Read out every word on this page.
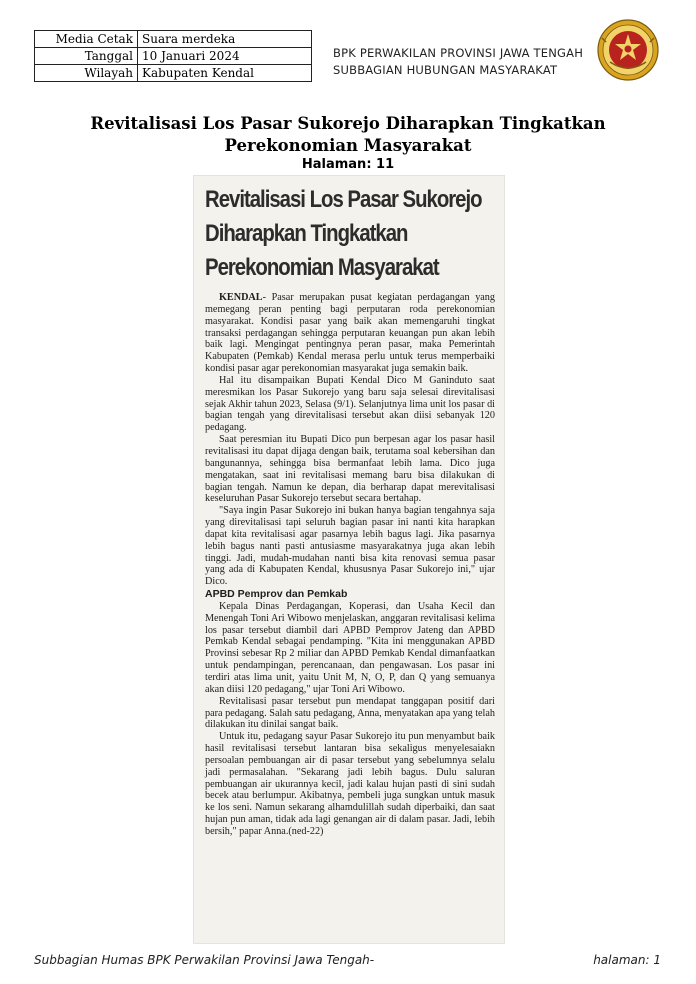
Media Cetak	Suara merdeka
Tanggal	10 Januari 2024
Wilayah	Kabupaten Kendal
BPK PERWAKILAN PROVINSI JAWA TENGAH
SUBBAGIAN HUBUNGAN MASYARAKAT
Revitalisasi Los Pasar Sukorejo Diharapkan Tingkatkan Perekonomian Masyarakat
Halaman: 11
Revitalisasi Los Pasar Sukorejo
Diharapkan Tingkatkan
Perekonomian Masyarakat

KENDAL- Pasar merupakan pusat kegiatan perdagangan yang memegang peran penting bagi perputaran roda perekonomian masyarakat. Kondisi pasar yang baik akan memengaruhi tingkat transaksi perdagangan sehingga perputaran keuangan pun akan lebih baik lagi. Mengingat pentingnya peran pasar, maka Pemerintah Kabupaten (Pemkab) Kendal merasa perlu untuk terus memperbaiki kondisi pasar agar perekonomian masyarakat juga semakin baik.

Hal itu disampaikan Bupati Kendal Dico M Ganinduto saat meresmikan los Pasar Sukorejo yang baru saja selesai direvitalisasi sejak Akhir tahun 2023, Selasa (9/1). Selanjutnya lima unit los pasar di bagian tengah yang direvitalisasi tersebut akan diisi sebanyak 120 pedagang.

Saat peresmian itu Bupati Dico pun berpesan agar los pasar hasil revitalisasi itu dapat dijaga dengan baik, terutama soal kebersihan dan bangunannya, sehingga bisa bermanfaat lebih lama. Dico juga mengatakan, saat ini revitalisasi memang baru bisa dilakukan di bagian tengah. Namun ke depan, dia berharap dapat merevitalisasi keseluruhan Pasar Sukorejo tersebut secara bertahap.

"Saya ingin Pasar Sukorejo ini bukan hanya bagian tengahnya saja yang direvitalisasi tapi seluruh bagian pasar ini nanti kita harapkan dapat kita revitalisasi agar pasarnya lebih bagus lagi. Jika pasarnya lebih bagus nanti pasti antusiasme masyarakatnya juga akan lebih tinggi. Jadi, mudah-mudahan nanti bisa kita renovasi semua pasar yang ada di Kabupaten Kendal, khususnya Pasar Sukorejo ini," ujar Dico.

APBD Pemprov dan Pemkab

Kepala Dinas Perdagangan, Koperasi, dan Usaha Kecil dan Menengah Toni Ari Wibowo menjelaskan, anggaran revitalisasi kelima los pasar tersebut diambil dari APBD Pemprov Jateng dan APBD Pemkab Kendal sebagai pendamping. "Kita ini menggunakan APBD Provinsi sebesar Rp 2 miliar dan APBD Pemkab Kendal dimanfaatkan untuk pendampingan, perencanaan, dan pengawasan. Los pasar ini terdiri atas lima unit, yaitu Unit M, N, O, P, dan Q yang semuanya akan diisi 120 pedagang," ujar Toni Ari Wibowo.

Revitalisasi pasar tersebut pun mendapat tanggapan positif dari para pedagang. Salah satu pedagang, Anna, menyatakan apa yang telah dilakukan itu dinilai sangat baik.

Untuk itu, pedagang sayur Pasar Sukorejo itu pun menyambut baik hasil revitalisasi tersebut lantaran bisa sekaligus menyelesaiakn persoalan pembuangan air di pasar tersebut yang sebelumnya selalu jadi permasalahan. "Sekarang jadi lebih bagus. Dulu saluran pembuangan air ukurannya kecil, jadi kalau hujan pasti di sini sudah becek atau berlumpur. Akibatnya, pembeli juga sungkan untuk masuk ke los seni. Namun sekarang alhamdulillah sudah diperbaiki, dan saat hujan pun aman, tidak ada lagi genangan air di dalam pasar. Jadi, lebih bersih," papar Anna.(ned-22)

Subbagian Humas BPK Perwakilan Provinsi Jawa Tengah-	halaman: 1
